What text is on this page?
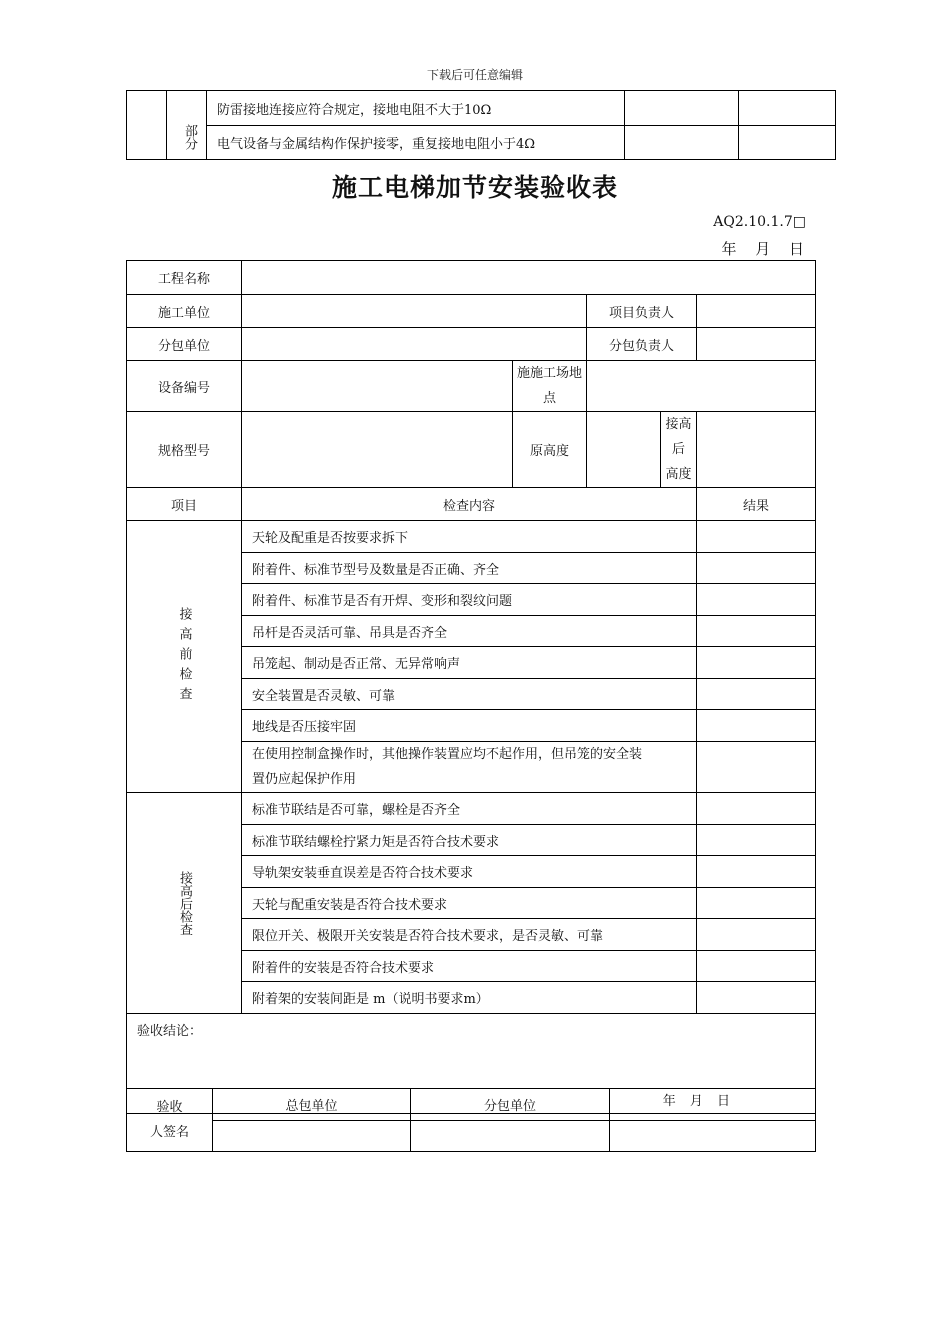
下载后可任意编辑

	部分	防雷接地连接应符合规定，接地电阻不大于10Ω		
		电气设备与金属结构作保护接零，重复接地电阻小于4Ω		
施工电梯加节安装验收表
AQ2.10.1.7□
年 月 日
工程名称					
施工单位			项目负责人		
分包单位			分包负责人		
设备编号		施施工场地
点			

规格型号		原高度		接高后
高度	

项目	检查内容				结果

接高前检查	天轮及配重是否按要求拆下				
	附着件、标准节型号及数量是否正确、齐全				
	附着件、标准节是否有开焊、变形和裂纹问题				
	吊杆是否灵活可靠、吊具是否齐全				
	吊笼起、制动是否正常、无异常响声				
	安全装置是否灵敏、可靠				
	地线是否压接牢固				

	在使用控制盒操作时，其他操作装置应均不起作用，但吊笼的安全装
置仍应起保护作用				

接高后检查	标准节联结是否可靠，螺栓是否齐全				
	标准节联结螺栓拧紧力矩是否符合技术要求				
	导轨架安装垂直误差是否符合技术要求				
	天轮与配重安装是否符合技术要求				
	限位开关、极限开关安装是否符合技术要求，是否灵敏、可靠				
	附着件的安装是否符合技术要求				
	附着架的安装间距是 m（说明书要求m）				

验收结论：
年 月 日					
验收
人签名	总包单位	分包单位	
